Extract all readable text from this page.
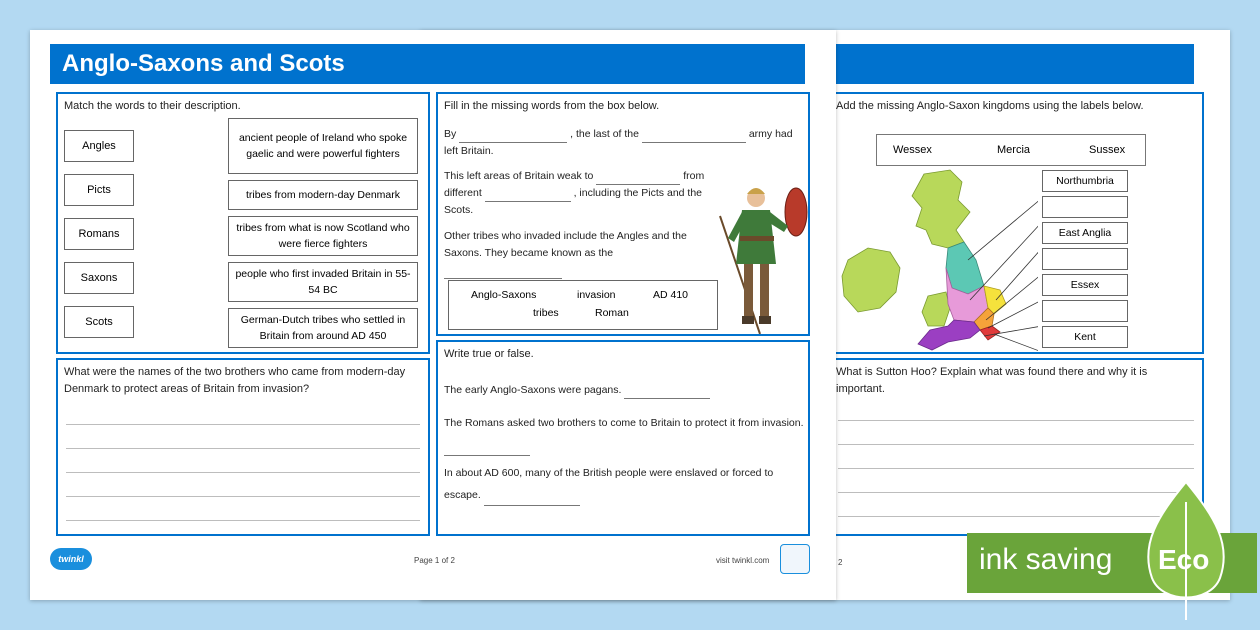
Add the missing Anglo-Saxon kingdoms using the labels below.
Wessex	Mercia	Sussex
Northumbria
East Anglia
Essex
Kent
What is Sutton Hoo? Explain what was found there and why it is important.
2
Anglo-Saxons and Scots
Match the words to their description.
Angles
Picts
Romans
Saxons
Scots
ancient people of Ireland who spoke gaelic and were powerful fighters
tribes from modern-day Denmark
tribes from what is now Scotland who were fierce fighters
people who first invaded Britain in 55-54 BC
German-Dutch tribes who settled in Britain from around AD 450
What were the names of the two brothers who came from modern-day Denmark to protect areas of Britain from invasion?
Fill in the missing words from the box below.
By	, the last of the	army had left Britain.
This left areas of Britain weak to	from different	, including the Picts and the Scots.
Other tribes who invaded include the Angles and the Saxons. They became known as the
Anglo-Saxons	invasion	AD 410
tribes	Roman
Write true or false.
The early Anglo-Saxons were pagans.
The Romans asked two brothers to come to Britain to protect it from invasion.
In about AD 600, many of the British people were enslaved or forced to escape.
twinkl	Page 1 of 2	visit twinkl.com	ink saving Eco
